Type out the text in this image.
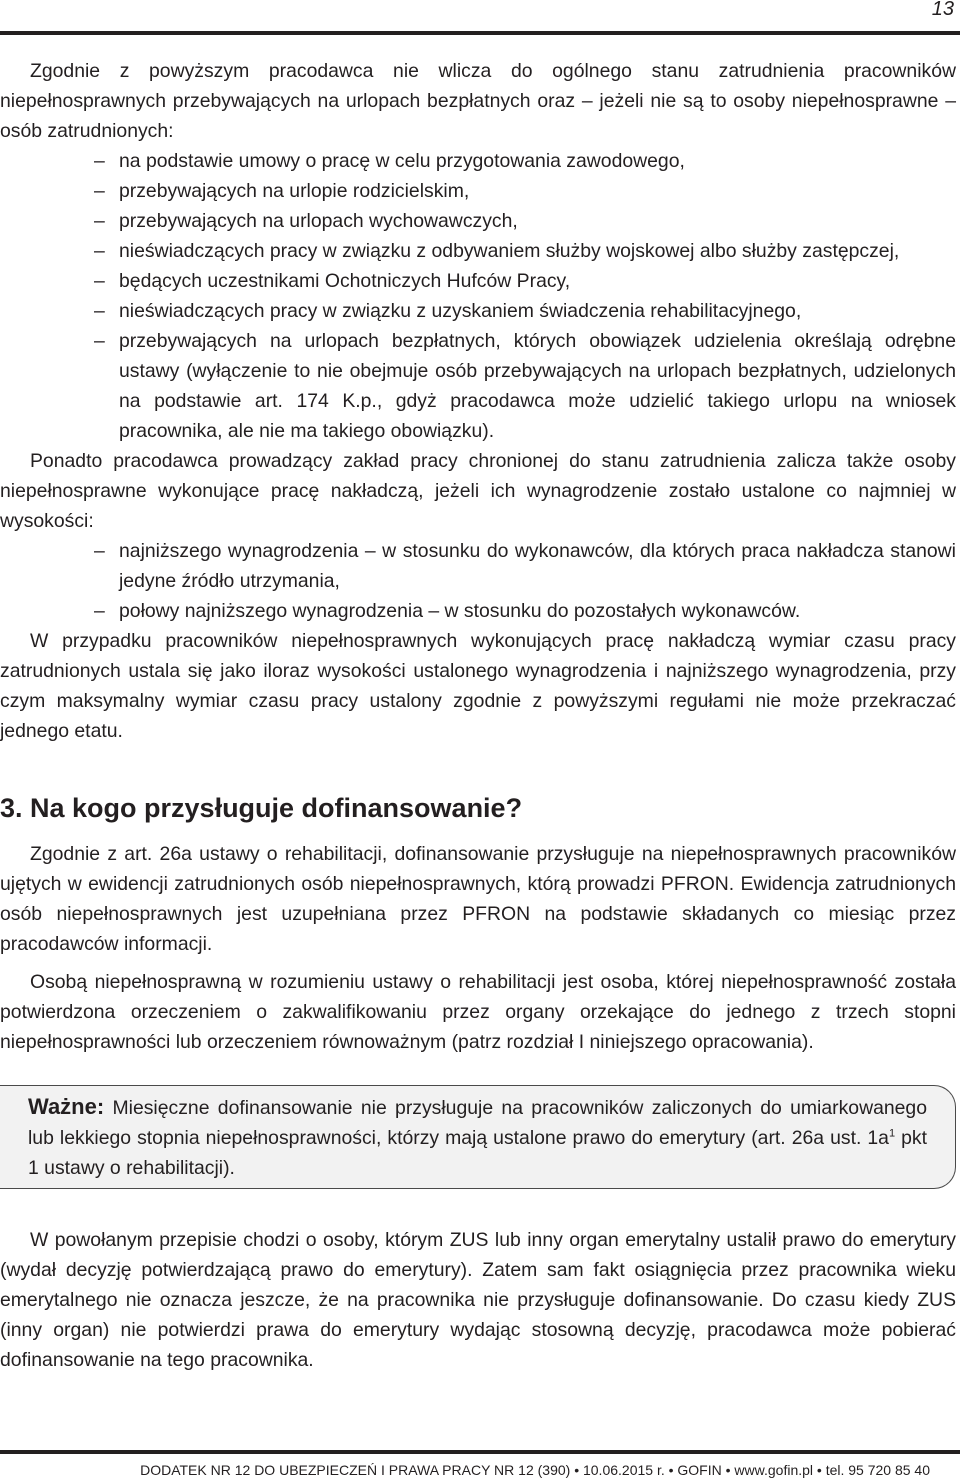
13

Zgodnie z powyższym pracodawca nie wlicza do ogólnego stanu zatrudnienia pracowników niepełnosprawnych przebywających na urlopach bezpłatnych oraz – jeżeli nie są to osoby niepełnosprawne – osób zatrudnionych:

– na podstawie umowy o pracę w celu przygotowania zawodowego,
– przebywających na urlopie rodzicielskim,
– przebywających na urlopach wychowawczych,
– nieświadczących pracy w związku z odbywaniem służby wojskowej albo służby zastępczej,
– będących uczestnikami Ochotniczych Hufców Pracy,
– nieświadczących pracy w związku z uzyskaniem świadczenia rehabilitacyjnego,
– przebywających na urlopach bezpłatnych, których obowiązek udzielenia określają odrębne ustawy (wyłączenie to nie obejmuje osób przebywających na urlopach bezpłatnych, udzielonych na podstawie art. 174 K.p., gdyż pracodawca może udzielić takiego urlopu na wniosek pracownika, ale nie ma takiego obowiązku).

Ponadto pracodawca prowadzący zakład pracy chronionej do stanu zatrudnienia zalicza także osoby niepełnosprawne wykonujące pracę nakładczą, jeżeli ich wynagrodzenie zostało ustalone co najmniej w wysokości:

– najniższego wynagrodzenia – w stosunku do wykonawców, dla których praca nakładcza stanowi jedyne źródło utrzymania,
– połowy najniższego wynagrodzenia – w stosunku do pozostałych wykonawców.

W przypadku pracowników niepełnosprawnych wykonujących pracę nakładczą wymiar czasu pracy zatrudnionych ustala się jako iloraz wysokości ustalonego wynagrodzenia i najniższego wynagrodzenia, przy czym maksymalny wymiar czasu pracy ustalony zgodnie z powyższymi regułami nie może przekraczać jednego etatu.

3. Na kogo przysługuje dofinansowanie?

Zgodnie z art. 26a ustawy o rehabilitacji, dofinansowanie przysługuje na niepełnosprawnych pracowników ujętych w ewidencji zatrudnionych osób niepełnosprawnych, którą prowadzi PFRON. Ewidencja zatrudnionych osób niepełnosprawnych jest uzupełniana przez PFRON na podstawie składanych co miesiąc przez pracodawców informacji.

Osobą niepełnosprawną w rozumieniu ustawy o rehabilitacji jest osoba, której niepełnosprawność została potwierdzona orzeczeniem o zakwalifikowaniu przez organy orzekające do jednego z trzech stopni niepełnosprawności lub orzeczeniem równoważnym (patrz rozdział I niniejszego opracowania).

Ważne: Miesięczne dofinansowanie nie przysługuje na pracowników zaliczonych do umiarkowanego lub lekkiego stopnia niepełnosprawności, którzy mają ustalone prawo do emerytury (art. 26a ust. $1a^1$ pkt 1 ustawy o rehabilitacji).

W powołanym przepisie chodzi o osoby, którym ZUS lub inny organ emerytalny ustalił prawo do emerytury (wydał decyzję potwierdzającą prawo do emerytury). Zatem sam fakt osiągnięcia przez pracownika wieku emerytalnego nie oznacza jeszcze, że na pracownika nie przysługuje dofinansowanie. Do czasu kiedy ZUS (inny organ) nie potwierdzi prawa do emerytury wydając stosowną decyzję, pracodawca może pobierać dofinansowanie na tego pracownika.

DODATEK NR 12 DO UBEZPIECZEŃ I PRAWA PRACY NR 12 (390) • 10.06.2015 r. • GOFIN • www.gofin.pl • tel. 95 720 85 40
